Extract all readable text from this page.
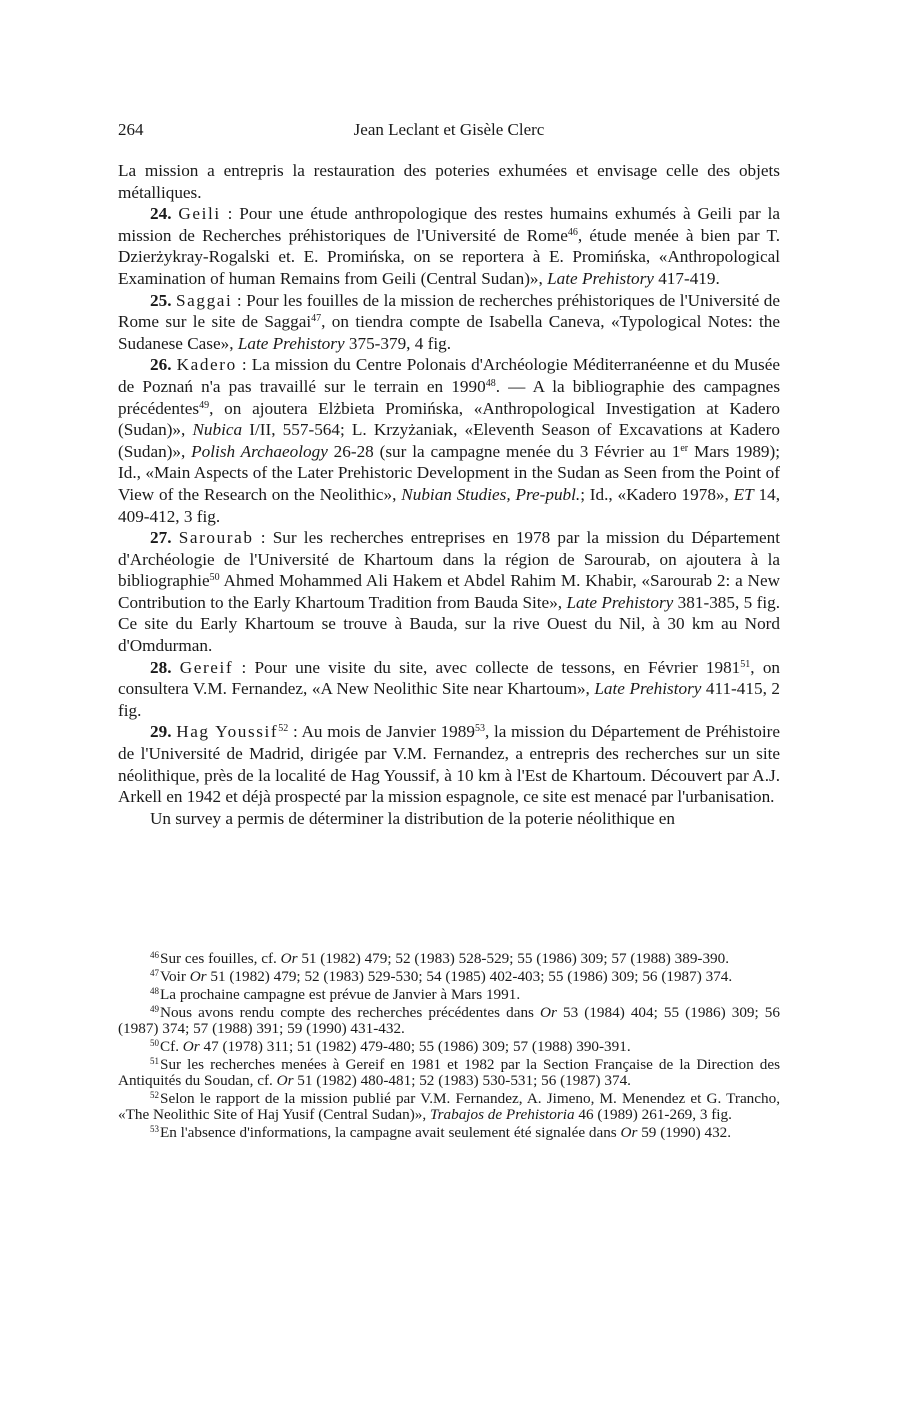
264	Jean Leclant et Gisèle Clerc

La mission a entrepris la restauration des poteries exhumées et envisage celle des objets métalliques.

24. Geili : Pour une étude anthropologique des restes humains exhumés à Geili par la mission de Recherches préhistoriques de l'Université de Rome$^{46}$, étude menée à bien par T. Dzierżykray-Rogalski et. E. Promińska, on se reportera à E. Promińska, «Anthropological Examination of human Remains from Geili (Central Sudan)», Late Prehistory 417-419.

25. Saggai : Pour les fouilles de la mission de recherches préhistoriques de l'Université de Rome sur le site de Saggai$^{47}$, on tiendra compte de Isabella Caneva, «Typological Notes: the Sudanese Case», Late Prehistory 375-379, 4 fig.

26. Kadero : La mission du Centre Polonais d'Archéologie Méditerranéenne et du Musée de Poznań n'a pas travaillé sur le terrain en 1990$^{48}$. — A la bibliographie des campagnes précédentes$^{49}$, on ajoutera Elżbieta Promińska, «Anthropological Investigation at Kadero (Sudan)», Nubica I/II, 557-564; L. Krzyżaniak, «Eleventh Season of Excavations at Kadero (Sudan)», Polish Archaeology 26-28 (sur la campagne menée du 3 Février au 1er Mars 1989); Id., «Main Aspects of the Later Prehistoric Development in the Sudan as Seen from the Point of View of the Research on the Neolithic», Nubian Studies, Pre-publ.; Id., «Kadero 1978», ET 14, 409-412, 3 fig.

27. Sarourab : Sur les recherches entreprises en 1978 par la mission du Département d'Archéologie de l'Université de Khartoum dans la région de Sarourab, on ajoutera à la bibliographie$^{50}$ Ahmed Mohammed Ali Hakem et Abdel Rahim M. Khabir, «Sarourab 2: a New Contribution to the Early Khartoum Tradition from Bauda Site», Late Prehistory 381-385, 5 fig. Ce site du Early Khartoum se trouve à Bauda, sur la rive Ouest du Nil, à 30 km au Nord d'Omdurman.

28. Gereif : Pour une visite du site, avec collecte de tessons, en Février 1981$^{51}$, on consultera V.M. Fernandez, «A New Neolithic Site near Khartoum», Late Prehistory 411-415, 2 fig.

29. Hag Youssif$^{52}$ : Au mois de Janvier 1989$^{53}$, la mission du Département de Préhistoire de l'Université de Madrid, dirigée par V.M. Fernandez, a entrepris des recherches sur un site néolithique, près de la localité de Hag Youssif, à 10 km à l'Est de Khartoum. Découvert par A.J. Arkell en 1942 et déjà prospecté par la mission espagnole, ce site est menacé par l'urbanisation.

Un survey a permis de déterminer la distribution de la poterie néolithique en

$^{46}$Sur ces fouilles, cf. Or 51 (1982) 479; 52 (1983) 528-529; 55 (1986) 309; 57 (1988) 389-390.

$^{47}$Voir Or 51 (1982) 479; 52 (1983) 529-530; 54 (1985) 402-403; 55 (1986) 309; 56 (1987) 374.

$^{48}$La prochaine campagne est prévue de Janvier à Mars 1991.

$^{49}$Nous avons rendu compte des recherches précédentes dans Or 53 (1984) 404; 55 (1986) 309; 56 (1987) 374; 57 (1988) 391; 59 (1990) 431-432.

$^{50}$Cf. Or 47 (1978) 311; 51 (1982) 479-480; 55 (1986) 309; 57 (1988) 390-391.

$^{51}$Sur les recherches menées à Gereif en 1981 et 1982 par la Section Française de la Direction des Antiquités du Soudan, cf. Or 51 (1982) 480-481; 52 (1983) 530-531; 56 (1987) 374.

$^{52}$Selon le rapport de la mission publié par V.M. Fernandez, A. Jimeno, M. Menendez et G. Trancho, «The Neolithic Site of Haj Yusif (Central Sudan)», Trabajos de Prehistoria 46 (1989) 261-269, 3 fig.

$^{53}$En l'absence d'informations, la campagne avait seulement été signalée dans Or 59 (1990) 432.
